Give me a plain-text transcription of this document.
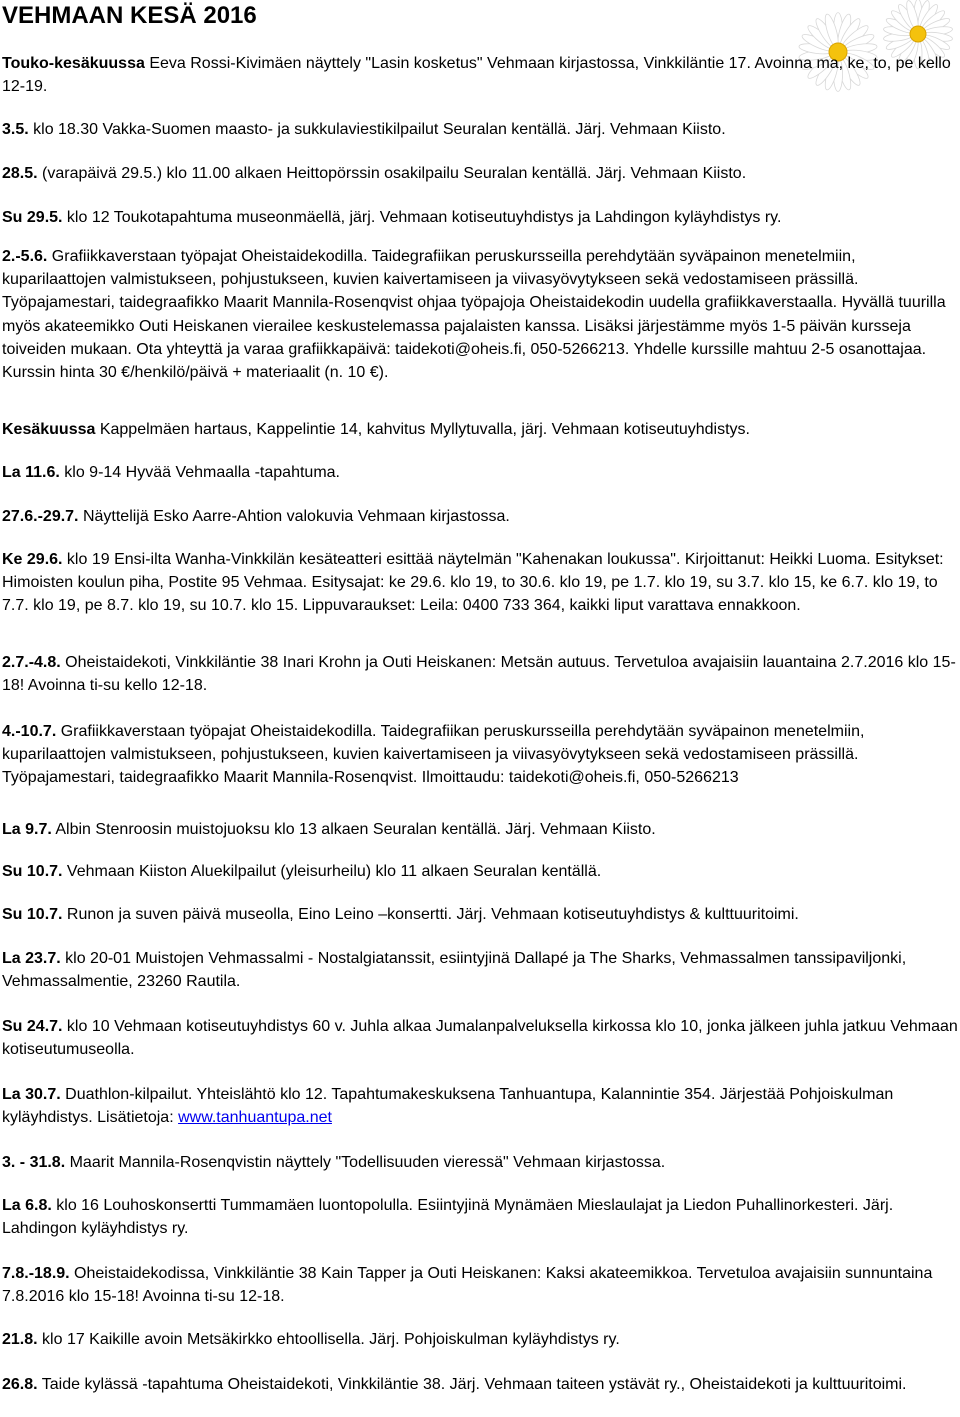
VEHMAAN KESÄ 2016

Touko-kesäkuussa Eeva Rossi-Kivimäen näyttely "Lasin kosketus" Vehmaan kirjastossa, Vinkkiläntie 17. Avoinna ma, ke, to, pe kello 12-19.

3.5. klo 18.30 Vakka-Suomen maasto- ja sukkulaviestikilpailut Seuralan kentällä. Järj. Vehmaan Kiisto.

28.5. (varapäivä 29.5.) klo 11.00 alkaen Heittopörssin osakilpailu Seuralan kentällä. Järj. Vehmaan Kiisto.

Su 29.5. klo 12 Toukotapahtuma museonmäellä, järj. Vehmaan kotiseutuyhdistys ja Lahdingon kyläyhdistys ry.

2.-5.6. Grafiikkaverstaan työpajat Oheistaidekodilla. Taidegrafiikan peruskursseilla perehdytään syväpainon menetelmiin, kuparilaattojen valmistukseen, pohjustukseen, kuvien kaivertamiseen ja viivasyövytykseen sekä vedostamiseen prässillä. Työpajamestari, taidegraafikko Maarit Mannila-Rosenqvist ohjaa työpajoja Oheistaidekodin uudella grafiikkaverstaalla. Hyvällä tuurilla myös akateemikko Outi Heiskanen vierailee keskustelemassa pajalaisten kanssa. Lisäksi järjestämme myös 1-5 päivän kursseja toiveiden mukaan. Ota yhteyttä ja varaa grafiikkapäivä: taidekoti@oheis.fi, 050-5266213. Yhdelle kurssille mahtuu 2-5 osanottajaa. Kurssin hinta 30 €/henkilö/päivä + materiaalit (n. 10 €).

Kesäkuussa Kappelmäen hartaus, Kappelintie 14, kahvitus Myllytuvalla, järj. Vehmaan kotiseutuyhdistys.

La 11.6. klo 9-14 Hyvää Vehmaalla -tapahtuma.

27.6.-29.7. Näyttelijä Esko Aarre-Ahtion valokuvia Vehmaan kirjastossa.

Ke 29.6. klo 19 Ensi-ilta Wanha-Vinkkilän kesäteatteri esittää näytelmän "Kahenakan loukussa". Kirjoittanut: Heikki Luoma. Esitykset: Himoisten koulun piha, Postite 95 Vehmaa. Esitysajat: ke 29.6. klo 19, to 30.6. klo 19, pe 1.7. klo 19, su 3.7. klo 15, ke 6.7. klo 19, to 7.7. klo 19, pe 8.7. klo 19, su 10.7. klo 15. Lippuvaraukset: Leila: 0400 733 364, kaikki liput varattava ennakkoon.

2.7.-4.8. Oheistaidekoti, Vinkkiläntie 38 Inari Krohn ja Outi Heiskanen: Metsän autuus. Tervetuloa avajaisiin lauantaina 2.7.2016 klo 15-18! Avoinna ti-su kello 12-18.

4.-10.7. Grafiikkaverstaan työpajat Oheistaidekodilla. Taidegrafiikan peruskursseilla perehdytään syväpainon menetelmiin, kuparilaattojen valmistukseen, pohjustukseen, kuvien kaivertamiseen ja viivasyövytykseen sekä vedostamiseen prässillä. Työpajamestari, taidegraafikko Maarit Mannila-Rosenqvist. Ilmoittaudu: taidekoti@oheis.fi, 050-5266213

La 9.7. Albin Stenroosin muistojuoksu klo 13 alkaen Seuralan kentällä. Järj. Vehmaan Kiisto.

Su 10.7. Vehmaan Kiiston Aluekilpailut (yleisurheilu) klo 11 alkaen Seuralan kentällä.

Su 10.7. Runon ja suven päivä museolla, Eino Leino –konsertti. Järj. Vehmaan kotiseutuyhdistys & kulttuuritoimi.

La 23.7. klo 20-01 Muistojen Vehmassalmi - Nostalgiatanssit, esiintyjinä Dallapé ja The Sharks, Vehmassalmen tanssipaviljonki, Vehmassalmentie, 23260 Rautila.

Su 24.7. klo 10 Vehmaan kotiseutuyhdistys 60 v. Juhla alkaa Jumalanpalveluksella kirkossa klo 10, jonka jälkeen juhla jatkuu Vehmaan kotiseutumuseolla.

La 30.7. Duathlon-kilpailut. Yhteislähtö klo 12. Tapahtumakeskuksena Tanhuantupa, Kalannintie 354. Järjestää Pohjoiskulman kyläyhdistys. Lisätietoja: www.tanhuantupa.net

3. - 31.8. Maarit Mannila-Rosenqvistin näyttely "Todellisuuden vieressä" Vehmaan kirjastossa.

La 6.8. klo 16 Louhoskonsertti Tummamäen luontopolulla. Esiintyjinä Mynämäen Mieslaulajat ja Liedon Puhallinorkesteri. Järj. Lahdingon kyläyhdistys ry.

7.8.-18.9. Oheistaidekodissa, Vinkkiläntie 38 Kain Tapper ja Outi Heiskanen: Kaksi akateemikkoa. Tervetuloa avajaisiin sunnuntaina 7.8.2016 klo 15-18! Avoinna ti-su 12-18.

21.8. klo 17 Kaikille avoin Metsäkirkko ehtoollisella. Järj. Pohjoiskulman kyläyhdistys ry.

26.8. Taide kylässä -tapahtuma Oheistaidekoti, Vinkkiläntie 38. Järj. Vehmaan taiteen ystävät ry., Oheistaidekoti ja kulttuuritoimi.
